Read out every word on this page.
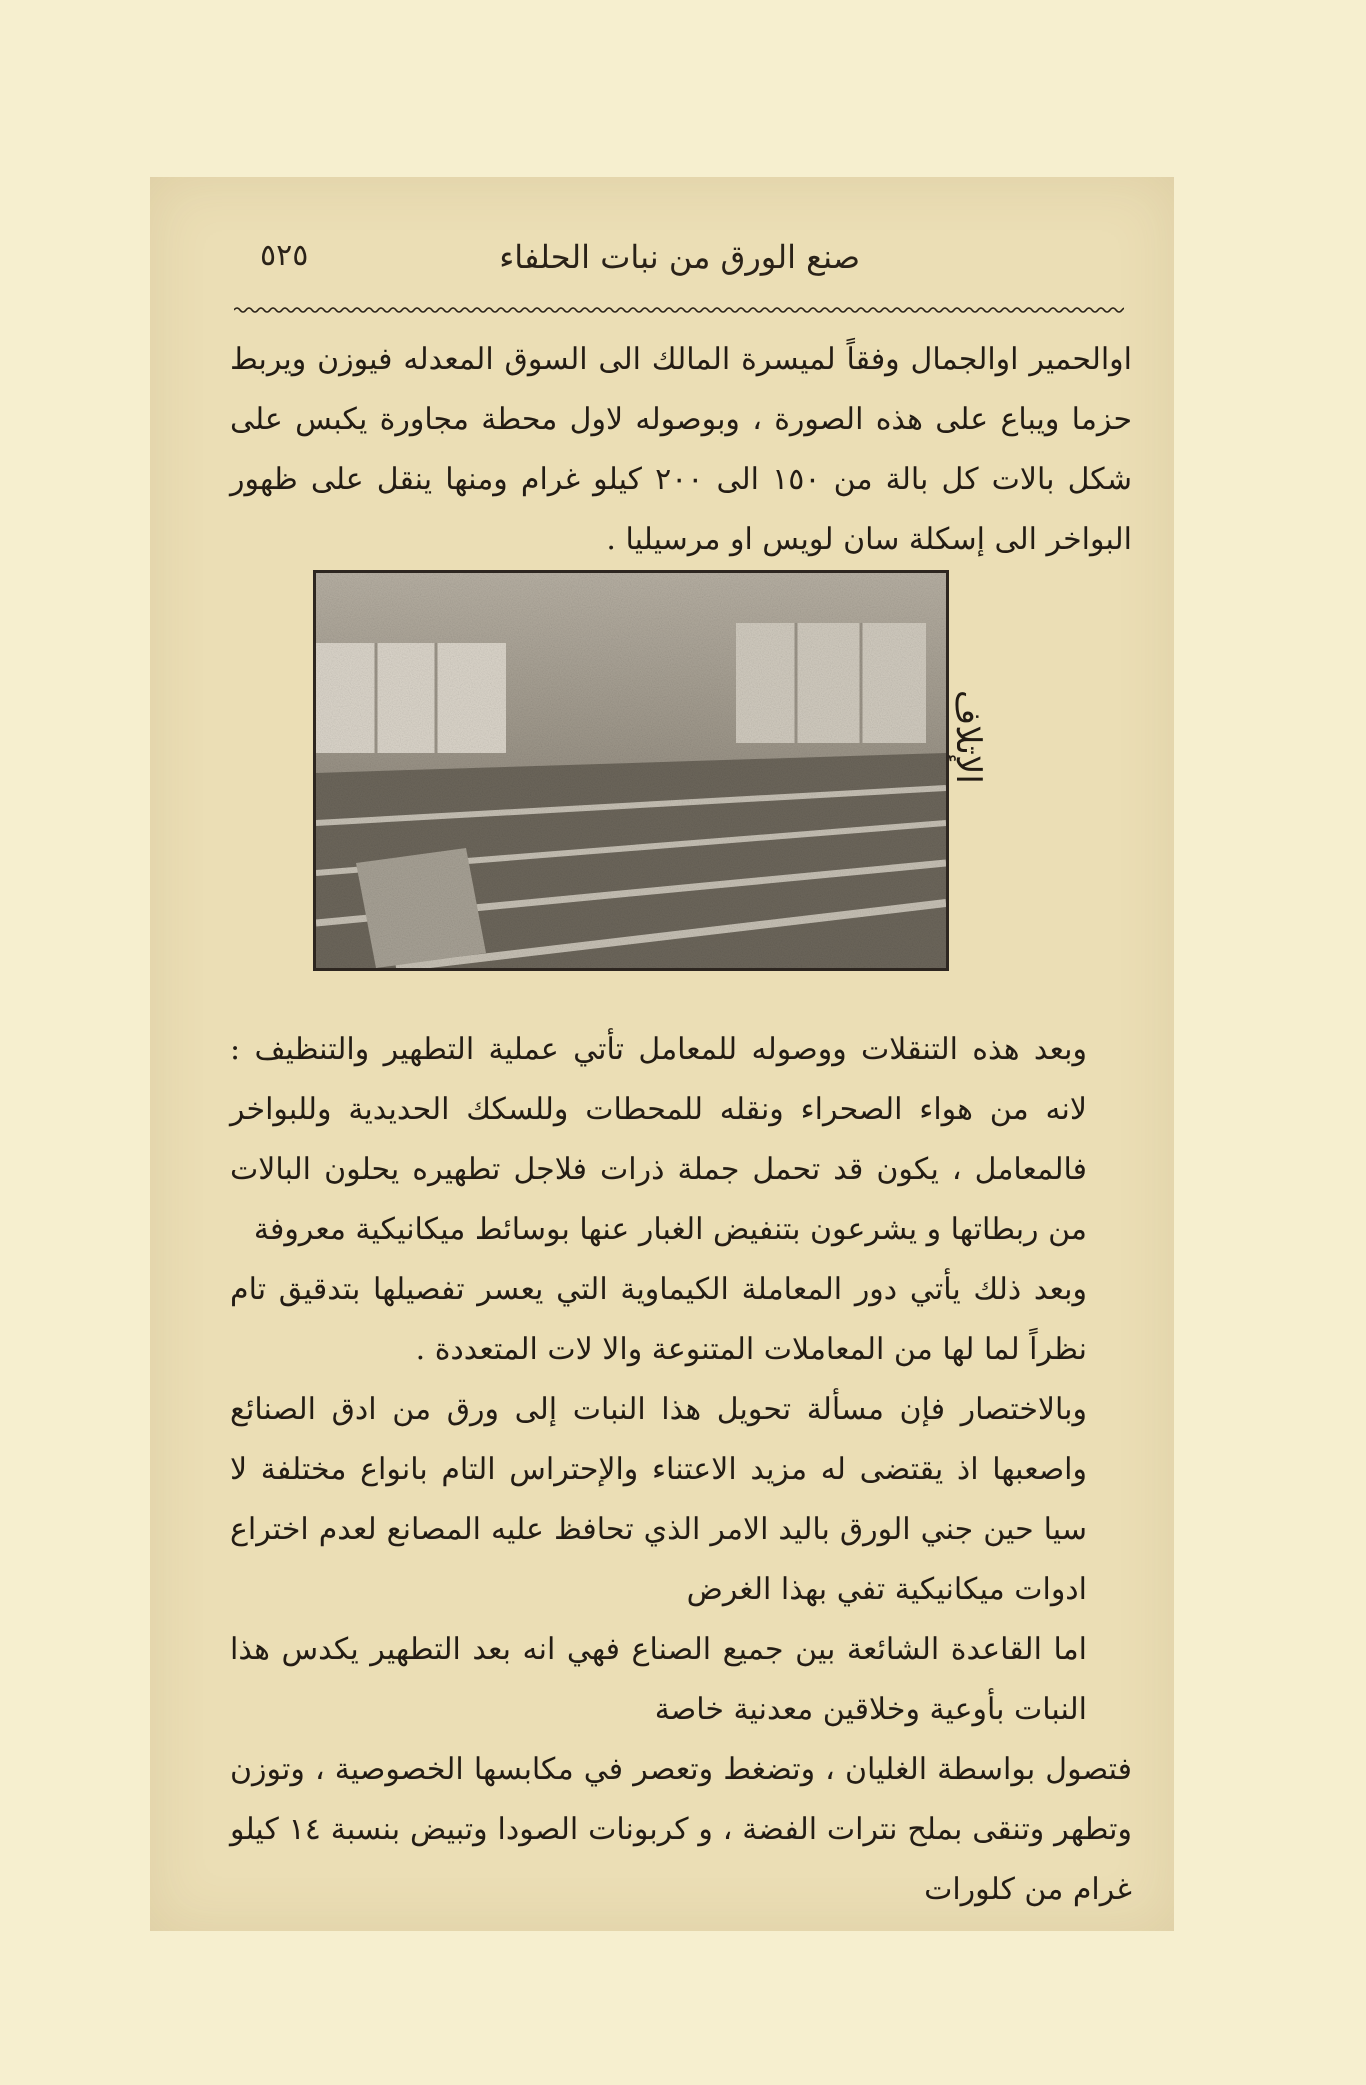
صنع الورق من نبات الحلفاء
٥٢٥

اوالحمير اوالجمال وفقاً لميسرة المالك الى السوق المعدله فيوزن ويربط حزما ويباع على هذه الصورة ، وبوصوله لاول محطة مجاورة يكبس على شكل بالات كل بالة من ١٥٠ الى ٢٠٠ كيلو غرام ومنها ينقل على ظهور البواخر الى إسكلة سان لويس او مرسيليا .

الإتلاف

وبعد هذه التنقلات ووصوله للمعامل تأتي عملية التطهير والتنظيف : لانه من هواء الصحراء ونقله للمحطات وللسكك الحديدية وللبواخر فالمعامل ، يكون قد تحمل جملة ذرات فلاجل تطهيره يحلون البالات من ربطاتها و يشرعون بتنفيض الغبار عنها بوسائط ميكانيكية معروفة

وبعد ذلك يأتي دور المعاملة الكيماوية التي يعسر تفصيلها بتدقيق تام نظراً لما لها من المعاملات المتنوعة والا لات المتعددة .

وبالاختصار فإن مسألة تحويل هذا النبات إلى ورق من ادق الصنائع واصعبها اذ يقتضى له مزيد الاعتناء والإحتراس التام بانواع مختلفة لا سيا حين جني الورق باليد الامر الذي تحافظ عليه المصانع لعدم اختراع ادوات ميكانيكية تفي بهذا الغرض

اما القاعدة الشائعة بين جميع الصناع فهي انه بعد التطهير يكدس هذا النبات بأوعية وخلاقين معدنية خاصة

فتصول بواسطة الغليان ، وتضغط وتعصر في مكابسها الخصوصية ، وتوزن وتطهر وتنقى بملح نترات الفضة ، و كربونات الصودا وتبيض بنسبة ١٤ كيلو غرام من كلورات
